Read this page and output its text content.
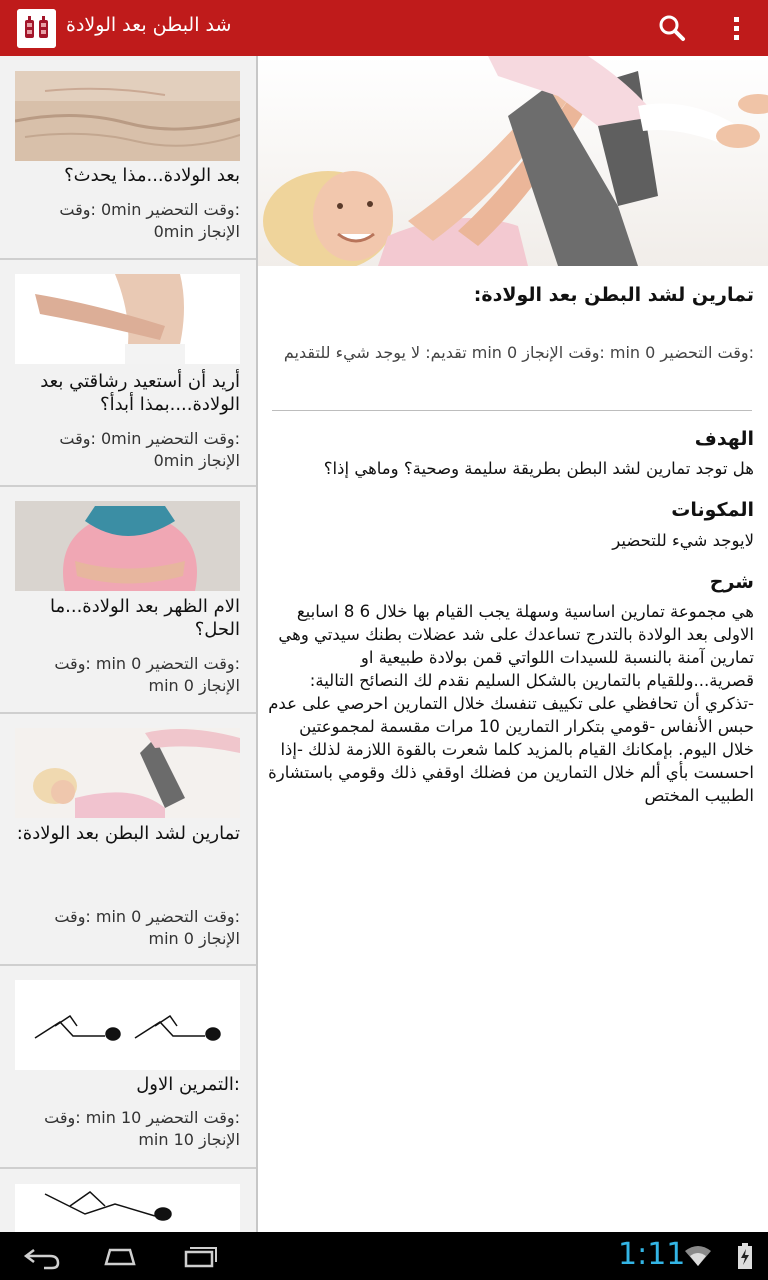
شد البطن بعد الولادة
بعد الولادة...مذا يحدث؟
:وقت التحضير 0min :وقت الإنجاز 0min
أريد أن أستعيد رشاقتي بعد الولادة....بمذا أبدأ؟
:وقت التحضير 0min :وقت الإنجاز 0min
الام الظهر بعد الولادة...ما الحل؟
:وقت التحضير 0 min :وقت الإنجاز 0 min
تمارين لشد البطن بعد الولادة:
:وقت التحضير 0 min :وقت الإنجاز 0 min
:التمرين الاول
:وقت التحضير 10 min :وقت الإنجاز 10 min
تمارين لشد البطن بعد الولادة:
:وقت التحضير 0 min :وقت الإنجاز 0 min تقديم: لا يوجد شيء للتقديم
الهدف
هل توجد تمارين لشد البطن بطريقة سليمة وصحية؟ وماهي إذا؟
المكونات
لايوجد شيء للتحضير
شرح
هي مجموعة تمارين اساسية وسهلة يجب القيام بها خلال 6 8 اسابيع الاولى بعد الولادة بالتدرج تساعدك على شد عضلات بطنك سيدتي وهي تمارين آمنة بالنسبة للسيدات اللواتي قمن بولادة طبيعية او قصرية...وللقيام بالتمارين بالشكل السليم نقدم لك النصائح التالية: -تذكري أن تحافظي على تكييف تنفسك خلال التمارين احرصي على عدم حبس الأنفاس -قومي بتكرار التمارين 10 مرات مقسمة لمجموعتين خلال اليوم. بإمكانك القيام بالمزيد كلما شعرت بالقوة اللازمة لذلك -إذا احسست بأي ألم خلال التمارين من فضلك اوقفي ذلك وقومي باستشارة الطبيب المختص
1:11
